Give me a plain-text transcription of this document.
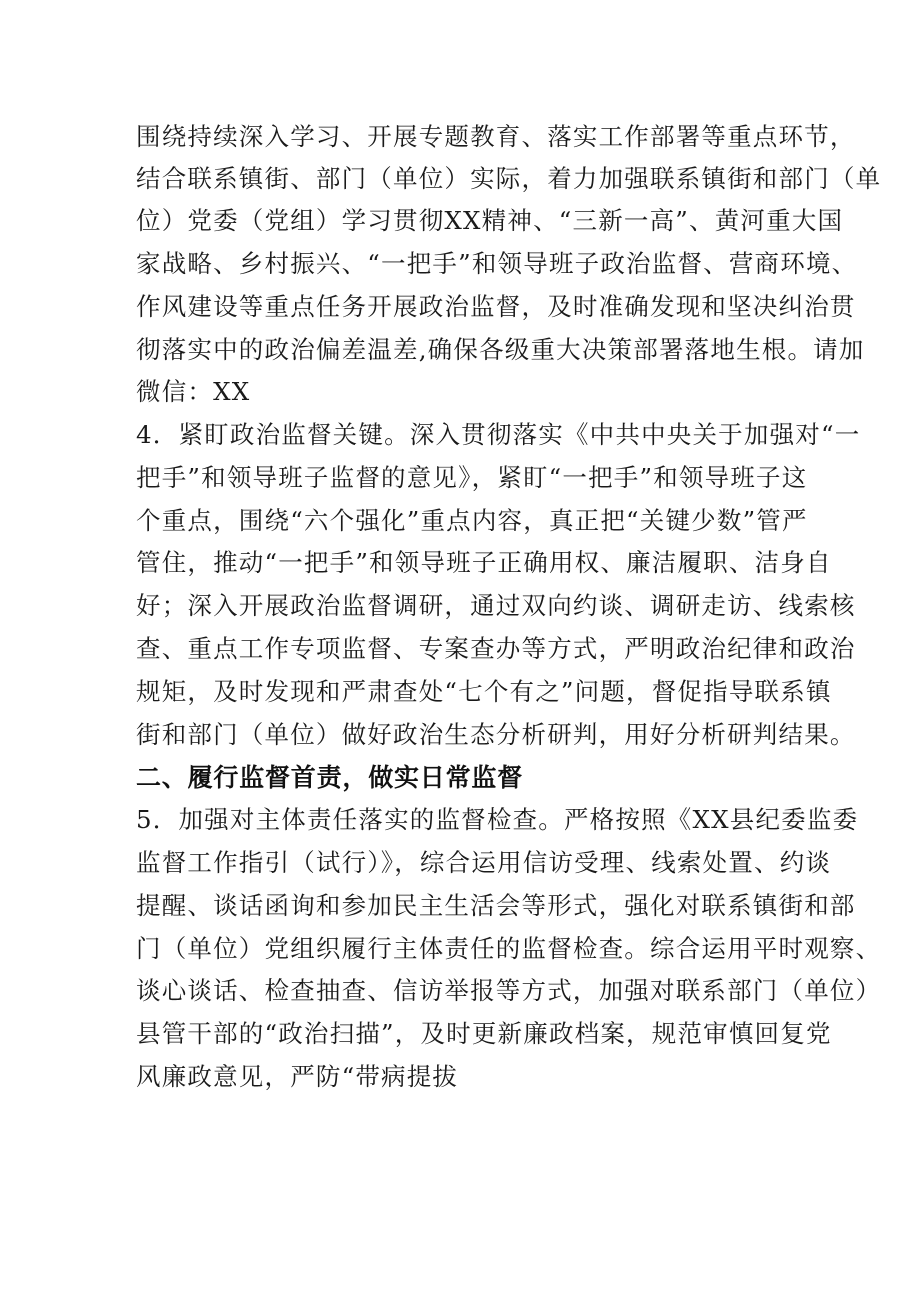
围绕持续深入学习、开展专题教育、落实工作部署等重点环节，
结合联系镇街、部门（单位）实际，着力加强联系镇街和部门（单
位）党委（党组）学习贯彻XX精神、“三新一高”、黄河重大国
家战略、乡村振兴、“一把手”和领导班子政治监督、营商环境、
作风建设等重点任务开展政治监督，及时准确发现和坚决纠治贯
彻落实中的政治偏差温差,确保各级重大决策部署落地生根。请加
微信：XX
4．紧盯政治监督关键。深入贯彻落实《中共中央关于加强对“一
把手”和领导班子监督的意见》，紧盯“一把手”和领导班子这
个重点，围绕“六个强化”重点内容，真正把“关键少数”管严
管住，推动“一把手”和领导班子正确用权、廉洁履职、洁身自
好；深入开展政治监督调研，通过双向约谈、调研走访、线索核
查、重点工作专项监督、专案查办等方式，严明政治纪律和政治
规矩，及时发现和严肃查处“七个有之”问题，督促指导联系镇
街和部门（单位）做好政治生态分析研判，用好分析研判结果。
二、履行监督首责，做实日常监督
5．加强对主体责任落实的监督检查。严格按照《XX县纪委监委
监督工作指引（试行）》，综合运用信访受理、线索处置、约谈
提醒、谈话函询和参加民主生活会等形式，强化对联系镇街和部
门（单位）党组织履行主体责任的监督检查。综合运用平时观察、
谈心谈话、检查抽查、信访举报等方式，加强对联系部门（单位）
县管干部的“政治扫描”，及时更新廉政档案，规范审慎回复党
风廉政意见，严防“带病提拔
